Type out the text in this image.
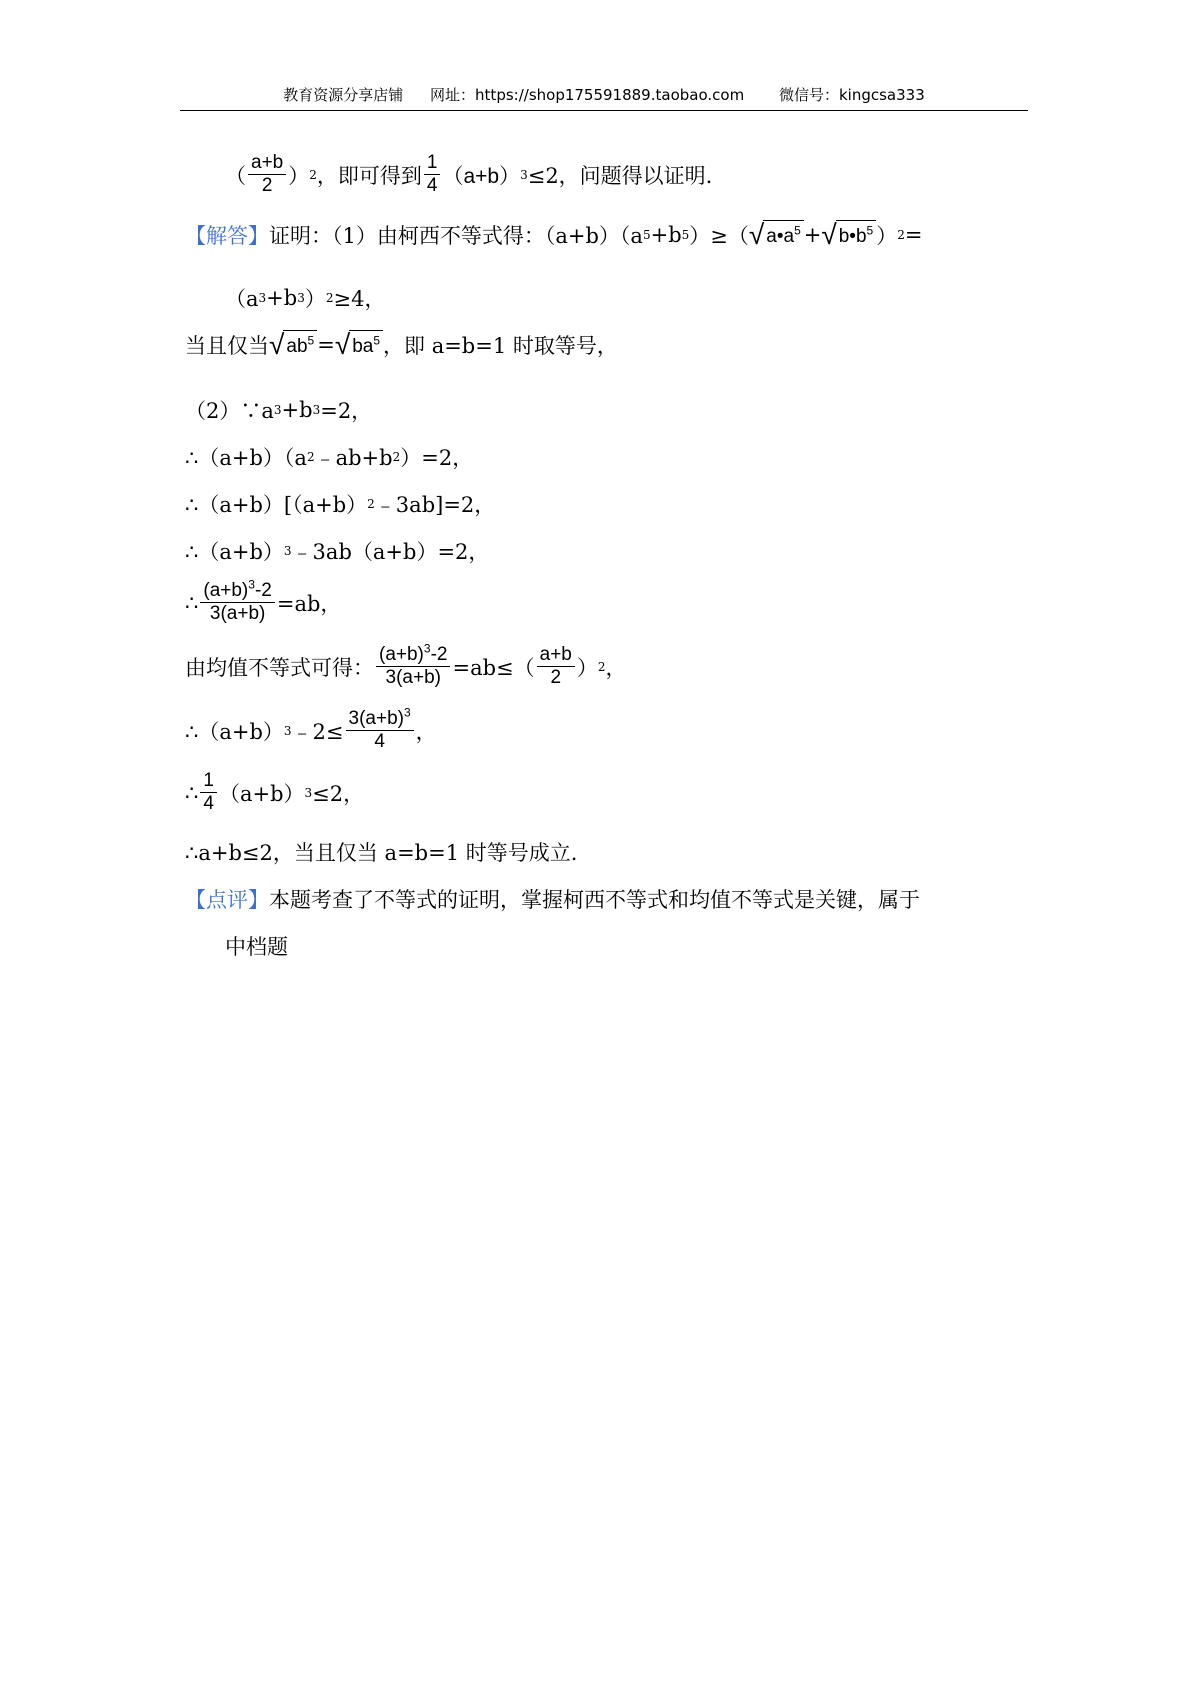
教育资源分享店铺 网址：https://shop175591889.taobao.com 微信号：kingcsa333
（ $\frac{a+b}{2}$ ） 2 ，即可得到 $\frac{1}{4} (a+b)$ 3 ≤2，问题得以证明.
【解答】 证明：（1）由柯西不等式得：（a+b）（a 5 +b 5 ）≥（ √ $a•a^5$ + √ $b•b^5$ ） 2 =
（a 3 +b 3 ） 2 ≥4，
当且仅当 √ $ab^5$ = √ $ba^5$ ，即 a=b=1 时取等号，
（2）∵a 3 +b 3 =2，
∴（a+b）（a 2 ﹣ab+b 2 ）=2，
∴（a+b）[（a+b） 2 ﹣3ab]=2，
∴（a+b） 3 ﹣3ab（a+b）=2，
∴ $\frac{(a+b)^3-2}{3(a+b)} =ab$，
由均值不等式可得： $\frac{(a+b)^3-2}{3(a+b)} =ab\le( \frac{a+b}{2}$ ） 2 ，
∴（a+b） 3 ﹣2≤ $\frac{3(a+b)^3}{4}$ ，
∴ $\frac{1}{4} (a+b)$ 3 ≤2，
∴a+b≤2，当且仅当 a=b=1 时等号成立.
【点评】 本题考查了不等式的证明，掌握柯西不等式和均值不等式是关键，属于
中档题
